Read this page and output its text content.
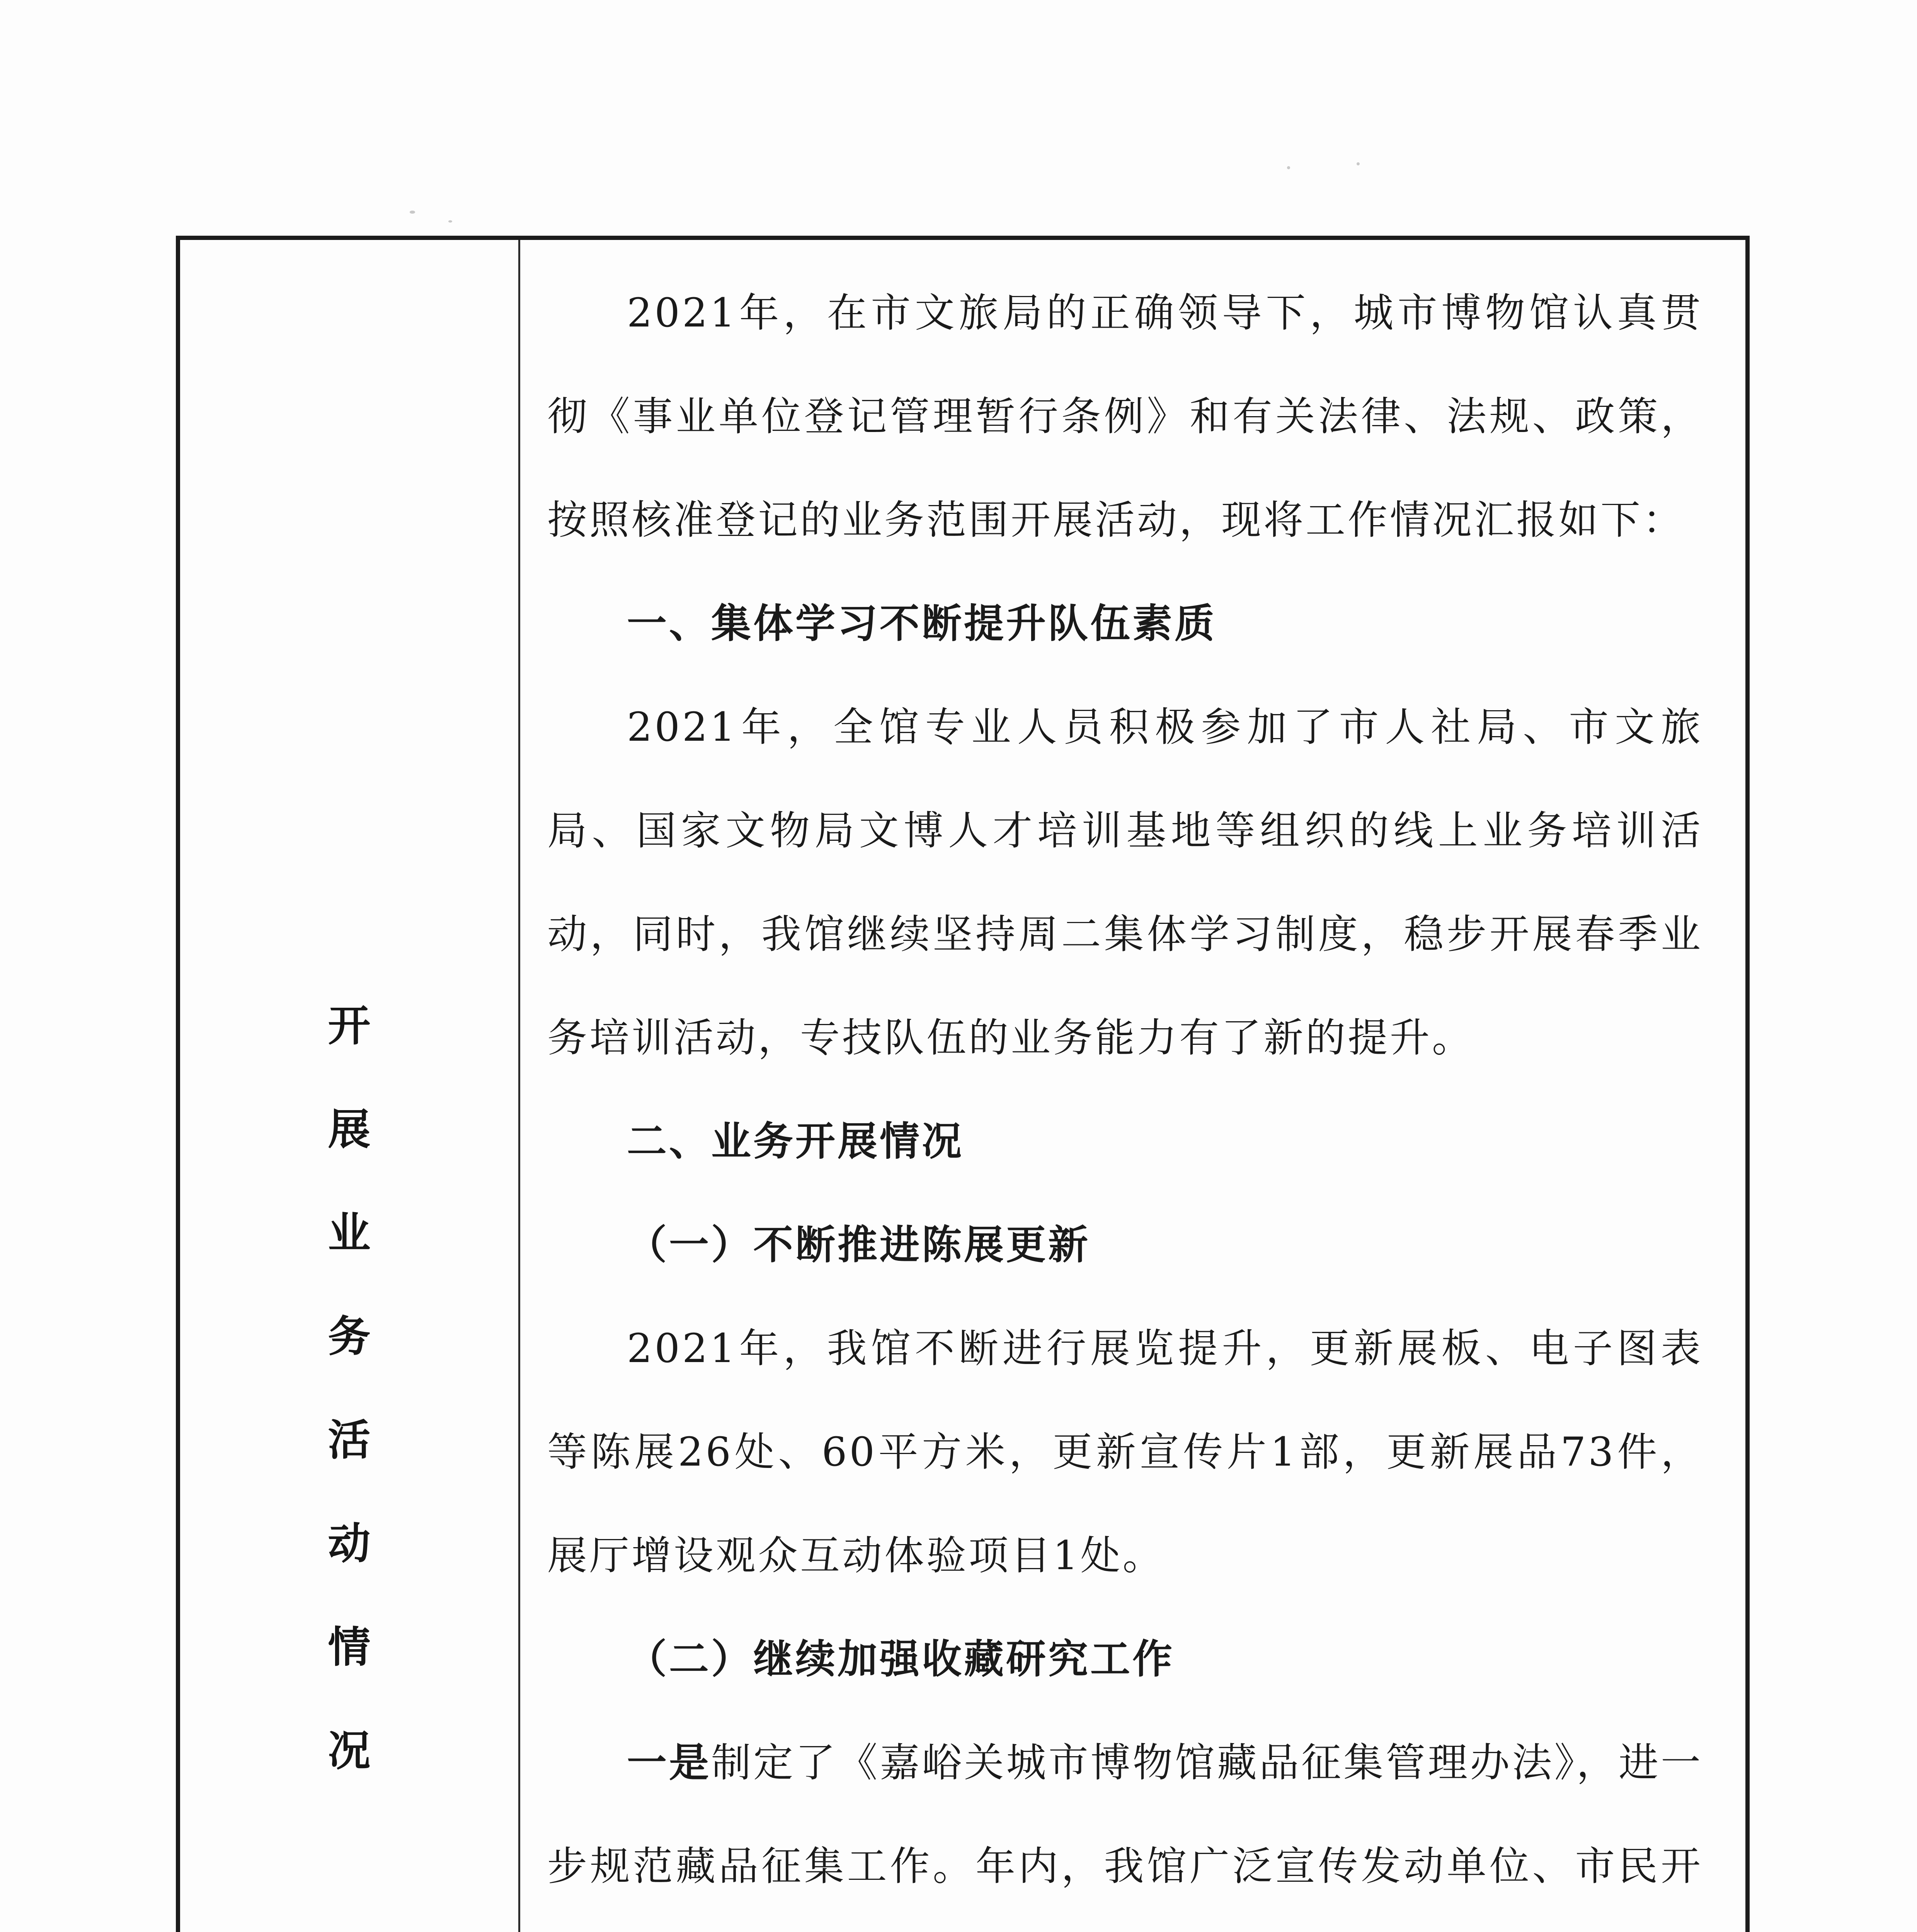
开
展
业
务
活
动
情
况

2021年，在市文旅局的正确领导下，城市博物馆认真贯彻《事业单位登记管理暂行条例》和有关法律、法规、政策，按照核准登记的业务范围开展活动，现将工作情况汇报如下：

一、集体学习不断提升队伍素质

2021年，全馆专业人员积极参加了市人社局、市文旅局、国家文物局文博人才培训基地等组织的线上业务培训活动，同时，我馆继续坚持周二集体学习制度，稳步开展春季业务培训活动，专技队伍的业务能力有了新的提升。

二、业务开展情况

（一）不断推进陈展更新

2021年，我馆不断进行展览提升，更新展板、电子图表等陈展26处、60平方米，更新宣传片1部，更新展品73件，展厅增设观众互动体验项目1处。

（二）继续加强收藏研究工作

一是制定了《嘉峪关城市博物馆藏品征集管理办法》，进一步规范藏品征集工作。年内，我馆广泛宣传发动单位、市民开
